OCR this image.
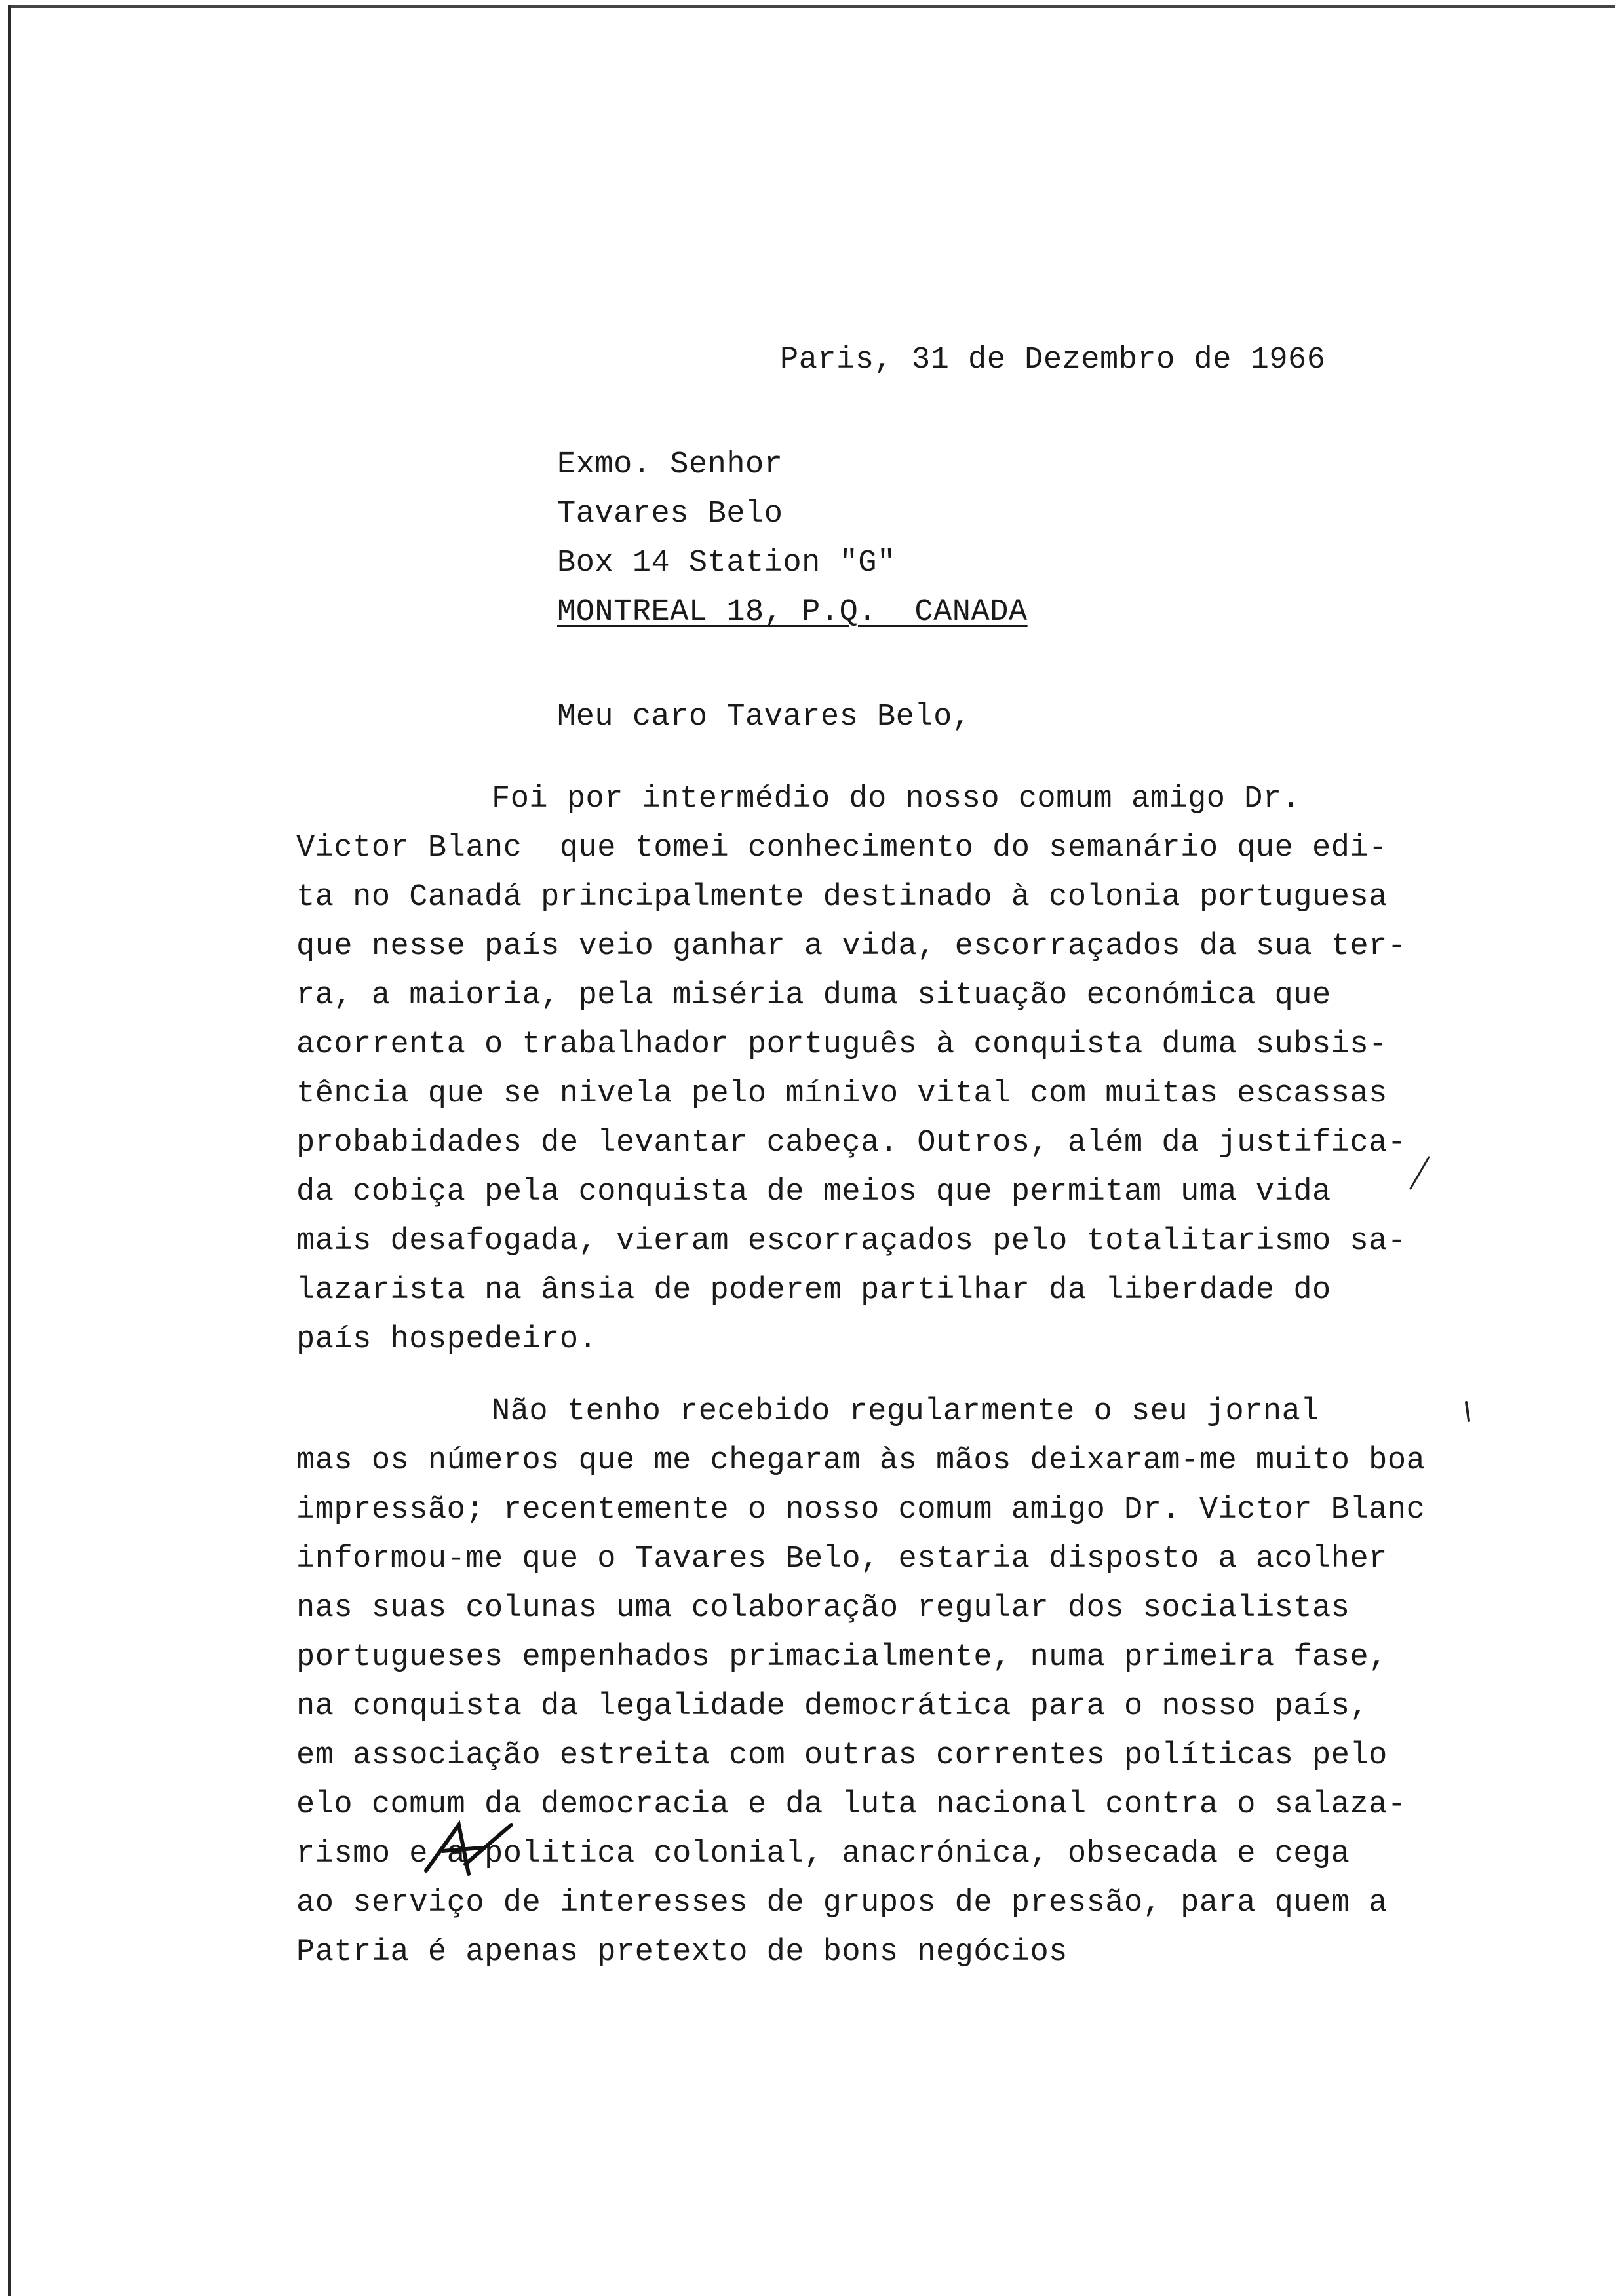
Paris, 31 de Dezembro de 1966
Exmo. Senhor
Tavares Belo
Box 14 Station "G"
MONTREAL 18, P.Q.  CANADA
Meu caro Tavares Belo,
Foi por intermédio do nosso comum amigo Dr.
Victor Blanc  que tomei conhecimento do semanário que edi-
ta no Canadá principalmente destinado à colonia portuguesa
que nesse país veio ganhar a vida, escorraçados da sua ter-
ra, a maioria, pela miséria duma situação económica que
acorrenta o trabalhador português à conquista duma subsis-
tência que se nivela pelo mínivo vital com muitas escassas
probabidades de levantar cabeça. Outros, além da justifica-
da cobiça pela conquista de meios que permitam uma vida
mais desafogada, vieram escorraçados pelo totalitarismo sa-
lazarista na ânsia de poderem partilhar da liberdade do
país hospedeiro.
Não tenho recebido regularmente o seu jornal
mas os números que me chegaram às mãos deixaram-me muito boa
impressão; recentemente o nosso comum amigo Dr. Victor Blanc
informou-me que o Tavares Belo, estaria disposto a acolher
nas suas colunas uma colaboração regular dos socialistas
portugueses empenhados primacialmente, numa primeira fase,
na conquista da legalidade democrática para o nosso país,
em associação estreita com outras correntes políticas pelo
elo comum da democracia e da luta nacional contra o salaza-
rismo e a politica colonial, anacrónica, obsecada e cega
ao serviço de interesses de grupos de pressão, para quem a
Patria é apenas pretexto de bons negócios
